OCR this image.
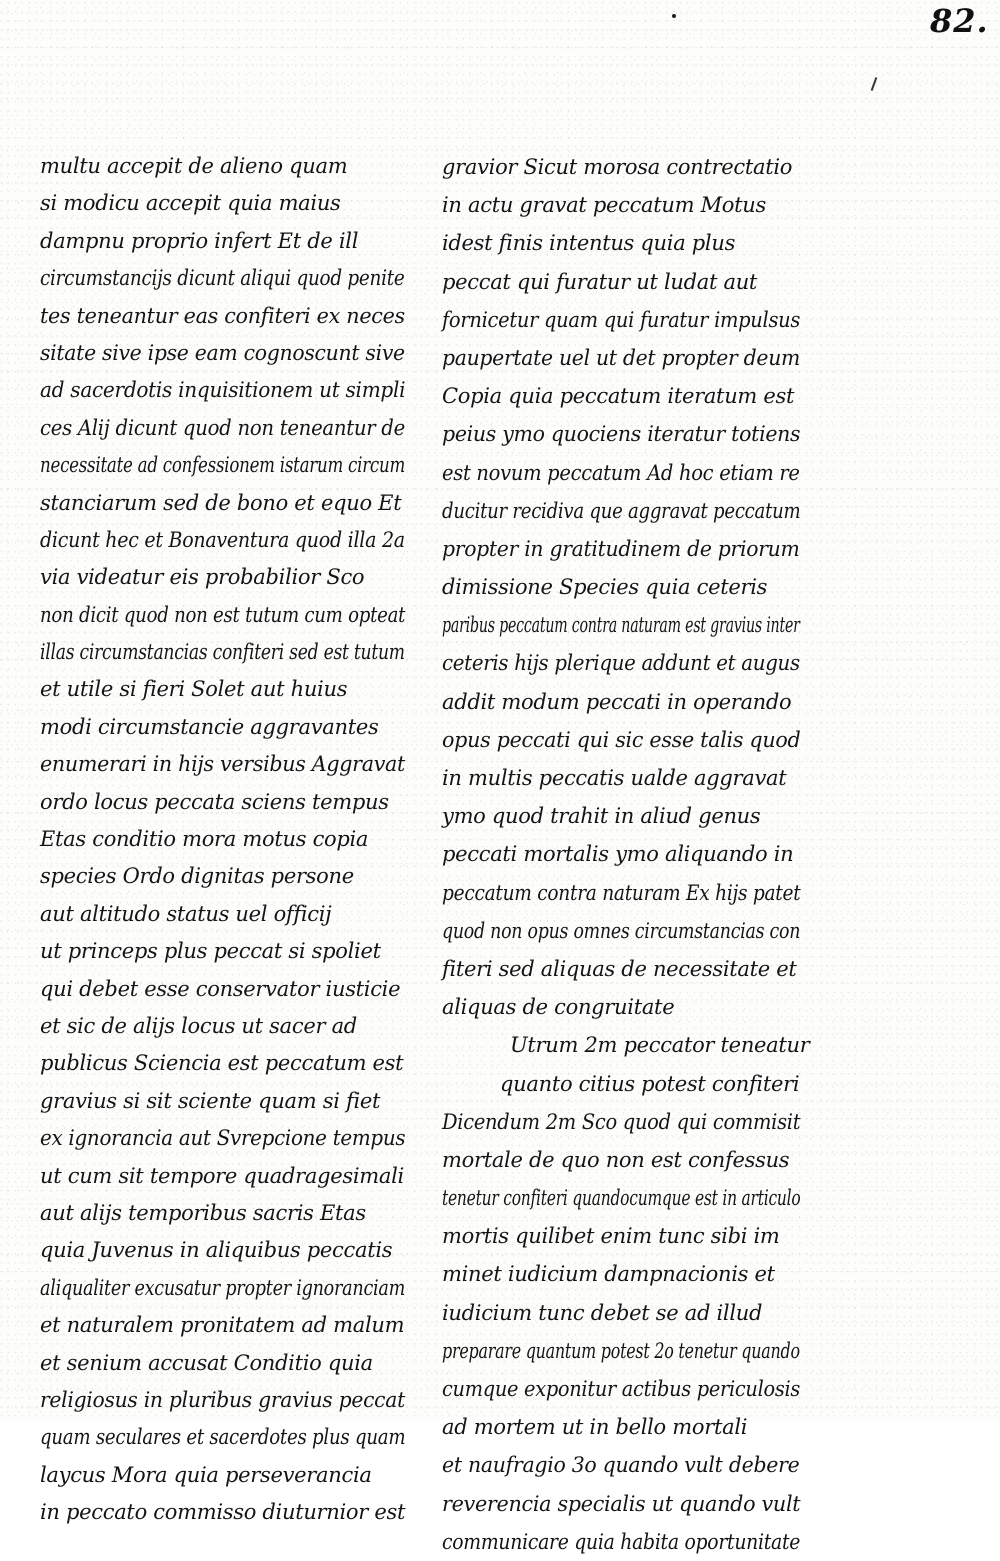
82.
multu accepit de alieno quam
si modicu accepit quia maius
dampnu proprio infert Et de ill
circumstancijs dicunt aliqui quod penite
tes teneantur eas confiteri ex neces
sitate sive ipse eam cognoscunt sive
ad sacerdotis inquisitionem ut simpli
ces Alij dicunt quod non teneantur de
necessitate ad confessionem istarum circum
stanciarum sed de bono et equo Et
dicunt hec et Bonaventura quod illa 2a
via videatur eis probabilior Sco
non dicit quod non est tutum cum opteat
illas circumstancias confiteri sed est tutum
et utile si fieri Solet aut huius
modi circumstancie aggravantes
enumerari in hijs versibus Aggravat
ordo locus peccata sciens tempus
Etas conditio mora motus copia
species Ordo dignitas persone
aut altitudo status uel officij
ut princeps plus peccat si spoliet
qui debet esse conservator iusticie
et sic de alijs locus ut sacer ad
publicus Sciencia est peccatum est
gravius si sit sciente quam si fiet
ex ignorancia aut Svrepcione tempus
ut cum sit tempore quadragesimali
aut alijs temporibus sacris Etas
quia Juvenus in aliquibus peccatis
aliqualiter excusatur propter ignoranciam
et naturalem pronitatem ad malum
et senium accusat Conditio quia
religiosus in pluribus gravius peccat
quam seculares et sacerdotes plus quam
laycus Mora quia perseverancia
in peccato commisso diuturnior est
gravior Sicut morosa contrectatio
in actu gravat peccatum Motus
idest finis intentus quia plus
peccat qui furatur ut ludat aut
fornicetur quam qui furatur impulsus
paupertate uel ut det propter deum
Copia quia peccatum iteratum est
peius ymo quociens iteratur totiens
est novum peccatum Ad hoc etiam re
ducitur recidiva que aggravat peccatum
propter in gratitudinem de priorum
dimissione Species quia ceteris
paribus peccatum contra naturam est gravius inter
ceteris hijs plerique addunt et augus
addit modum peccati in operando
opus peccati qui sic esse talis quod
in multis peccatis ualde aggravat
ymo quod trahit in aliud genus
peccati mortalis ymo aliquando in
peccatum contra naturam Ex hijs patet
quod non opus omnes circumstancias con
fiteri sed aliquas de necessitate et
aliquas de congruitate
Utrum 2m peccator teneatur
quanto citius potest confiteri
Dicendum 2m Sco quod qui commisit
mortale de quo non est confessus
tenetur confiteri quandocumque est in articulo
mortis quilibet enim tunc sibi im
minet iudicium dampnacionis et
iudicium tunc debet se ad illud
preparare quantum potest 2o tenetur quando
cumque exponitur actibus periculosis
ad mortem ut in bello mortali
et naufragio 3o quando vult debere
reverencia specialis ut quando vult
communicare quia habita oportunitate
